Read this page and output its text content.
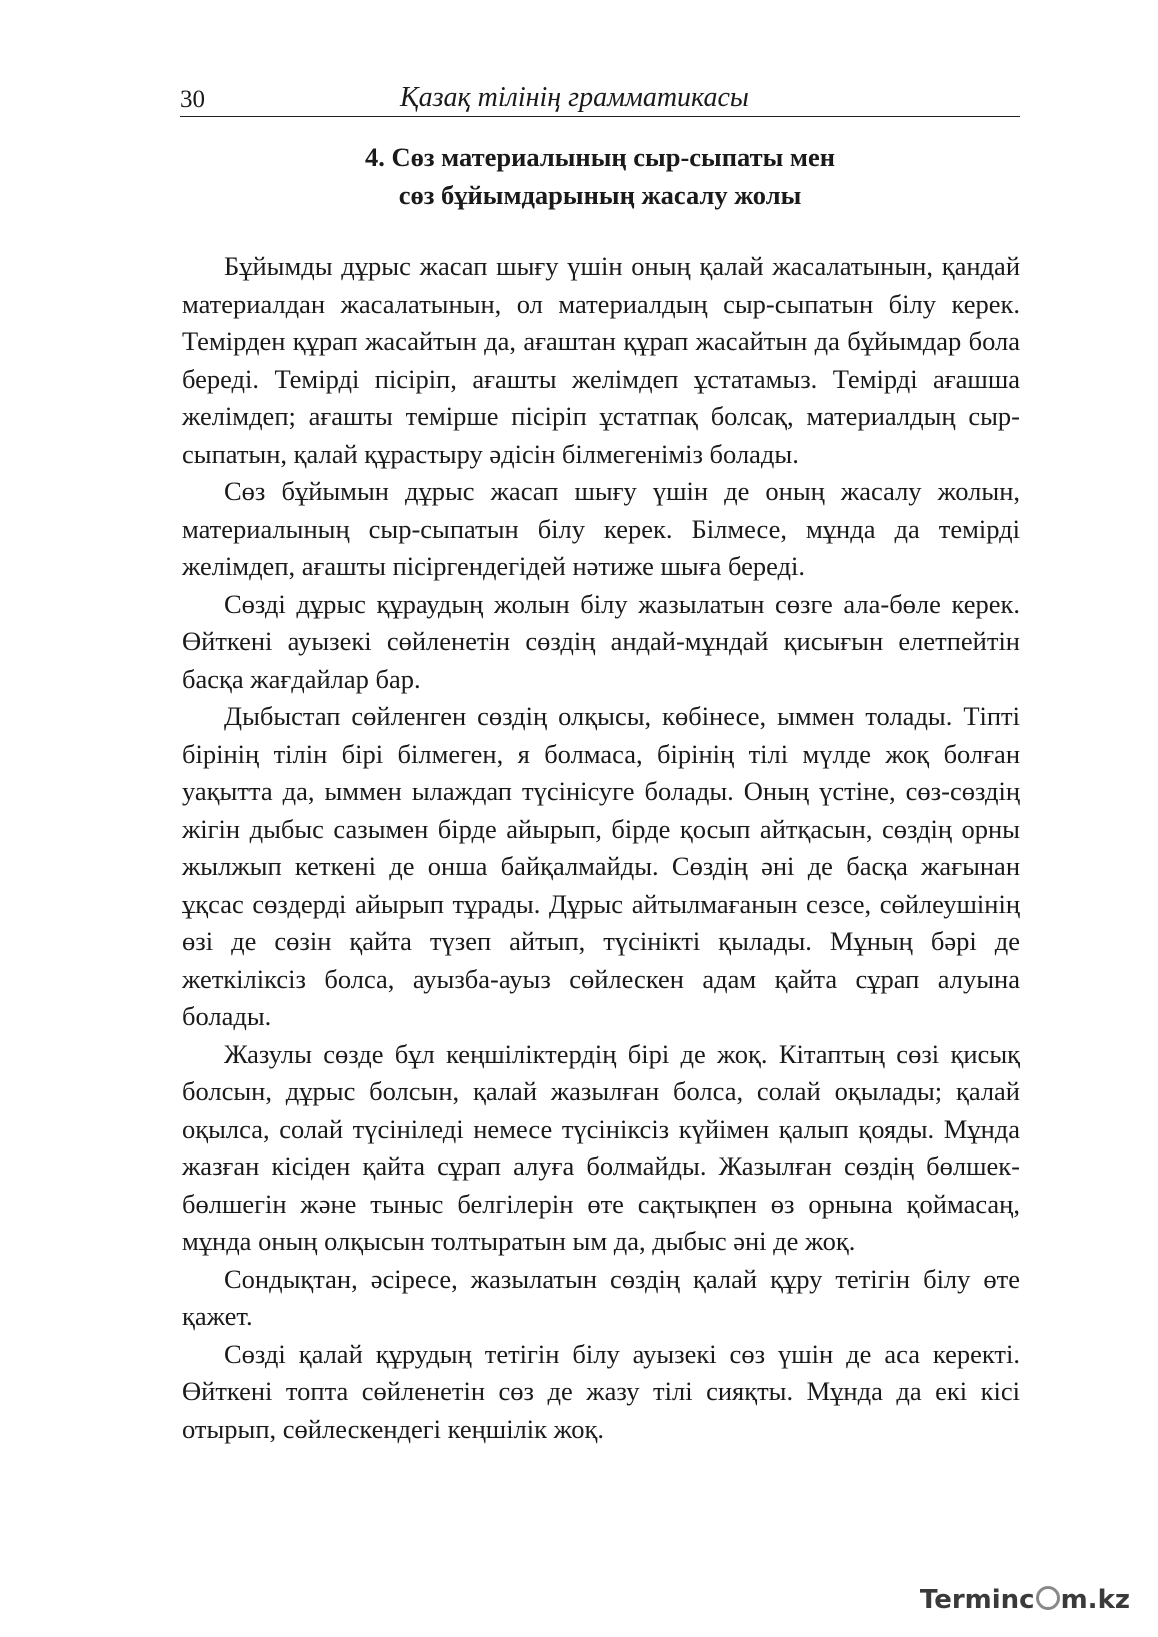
30	Қазақ тілінің грамматикасы
4. Сөз материалының сыр-сыпаты мен
сөз бұйымдарының жасалу жолы

Бұйымды дұрыс жасап шығу үшін оның қалай жасалатынын, қандай материалдан жасалатынын, ол материалдың сыр-сыпатын білу керек. Темірден құрап жасайтын да, ағаштан құрап жасайтын да бұйымдар бола береді. Темірді пісіріп, ағашты желімдеп ұстатамыз. Темірді ағашша желімдеп; ағашты темірше пісіріп ұстатпақ болсақ, материалдың сыр-сыпатын, қалай құрастыру әдісін білмегеніміз болады.

Сөз бұйымын дұрыс жасап шығу үшін де оның жасалу жолын, материалының сыр-сыпатын білу керек. Білмесе, мұнда да темірді желімдеп, ағашты пісіргендегідей нәтиже шыға береді.

Сөзді дұрыс құраудың жолын білу жазылатын сөзге ала-бөле керек. Өйткені ауызекі сөйленетін сөздің андай-мұндай қисығын елетпейтін басқа жағдайлар бар.

Дыбыстап сөйленген сөздің олқысы, көбінесе, ыммен толады. Тіпті бірінің тілін бірі білмеген, я болмаса, бірінің тілі мүлде жоқ болған уақытта да, ыммен ылаждап түсінісуге болады. Оның үстіне, сөз-сөздің жігін дыбыс сазымен бірде айырып, бірде қосып айтқасын, сөздің орны жылжып кеткені де онша байқалмайды. Сөздің әні де басқа жағынан ұқсас сөздерді айырып тұрады. Дұрыс айтылмағанын сезсе, сөйлеушінің өзі де сөзін қайта түзеп айтып, түсінікті қылады. Мұның бәрі де жеткіліксіз болса, ауызба-ауыз сөйлескен адам қайта сұрап алуына болады.

Жазулы сөзде бұл кеңшіліктердің бірі де жоқ. Кітаптың сөзі қисық болсын, дұрыс болсын, қалай жазылған болса, солай оқылады; қалай оқылса, солай түсініледі немесе түсініксіз күйімен қалып қояды. Мұнда жазған кісіден қайта сұрап алуға болмайды. Жазылған сөздің бөлшек-бөлшегін және тыныс белгілерін өте сақтықпен өз орнына қоймасаң, мұнда оның олқысын толтыратын ым да, дыбыс әні де жоқ.

Сондықтан, әсіресе, жазылатын сөздің қалай құру тетігін білу өте қажет.

Сөзді қалай құрудың тетігін білу ауызекі сөз үшін де аса керекті. Өйткені топта сөйленетін сөз де жазу тілі сияқты. Мұнда да екі кісі отырып, сөйлескендегі кеңшілік жоқ.

Terminc m.kz
